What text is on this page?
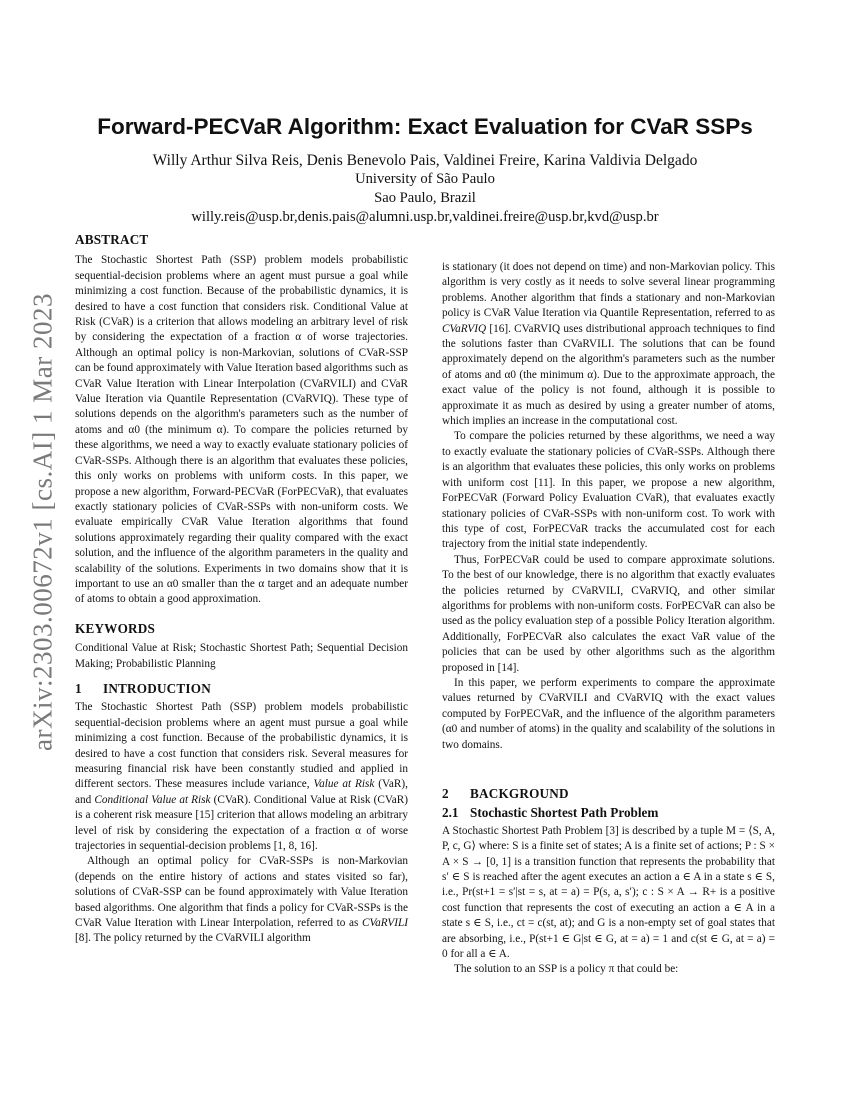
arXiv:2303.00672v1 [cs.AI] 1 Mar 2023
Forward-PECVaR Algorithm: Exact Evaluation for CVaR SSPs
Willy Arthur Silva Reis, Denis Benevolo Pais, Valdinei Freire, Karina Valdivia Delgado
University of São Paulo
Sao Paulo, Brazil
willy.reis@usp.br,denis.pais@alumni.usp.br,valdinei.freire@usp.br,kvd@usp.br
ABSTRACT

The Stochastic Shortest Path (SSP) problem models probabilistic sequential-decision problems where an agent must pursue a goal while minimizing a cost function. Because of the probabilistic dynamics, it is desired to have a cost function that considers risk. Conditional Value at Risk (CVaR) is a criterion that allows modeling an arbitrary level of risk by considering the expectation of a fraction α of worse trajectories. Although an optimal policy is non-Markovian, solutions of CVaR-SSP can be found approximately with Value Iteration based algorithms such as CVaR Value Iteration with Linear Interpolation (CVaRVILI) and CVaR Value Iteration via Quantile Representation (CVaRVIQ). These type of solutions depends on the algorithm's parameters such as the number of atoms and α0 (the minimum α). To compare the policies returned by these algorithms, we need a way to exactly evaluate stationary policies of CVaR-SSPs. Although there is an algorithm that evaluates these policies, this only works on problems with uniform costs. In this paper, we propose a new algorithm, Forward-PECVaR (ForPECVaR), that evaluates exactly stationary policies of CVaR-SSPs with non-uniform costs. We evaluate empirically CVaR Value Iteration algorithms that found solutions approximately regarding their quality compared with the exact solution, and the influence of the algorithm parameters in the quality and scalability of the solutions. Experiments in two domains show that it is important to use an α0 smaller than the α target and an adequate number of atoms to obtain a good approximation.

KEYWORDS

Conditional Value at Risk; Stochastic Shortest Path; Sequential Decision Making; Probabilistic Planning

1 INTRODUCTION

The Stochastic Shortest Path (SSP) problem models probabilistic sequential-decision problems where an agent must pursue a goal while minimizing a cost function. Because of the probabilistic dynamics, it is desired to have a cost function that considers risk. Several measures for measuring financial risk have been constantly studied and applied in different sectors. These measures include variance, Value at Risk (VaR), and Conditional Value at Risk (CVaR). Conditional Value at Risk (CVaR) is a coherent risk measure [15] criterion that allows modeling an arbitrary level of risk by considering the expectation of a fraction α of worse trajectories in sequential-decision problems [1, 8, 16].

Although an optimal policy for CVaR-SSPs is non-Markovian (depends on the entire history of actions and states visited so far), solutions of CVaR-SSP can be found approximately with Value Iteration based algorithms. One algorithm that finds a policy for CVaR-SSPs is the CVaR Value Iteration with Linear Interpolation, referred to as CVaRVILI [8]. The policy returned by the CVaRVILI algorithm

is stationary (it does not depend on time) and non-Markovian policy. This algorithm is very costly as it needs to solve several linear programming problems. Another algorithm that finds a stationary and non-Markovian policy is CVaR Value Iteration via Quantile Representation, referred to as CVaRVIQ [16]. CVaRVIQ uses distributional approach techniques to find the solutions faster than CVaRVILI. The solutions that can be found approximately depend on the algorithm's parameters such as the number of atoms and α0 (the minimum α). Due to the approximate approach, the exact value of the policy is not found, although it is possible to approximate it as much as desired by using a greater number of atoms, which implies an increase in the computational cost.

To compare the policies returned by these algorithms, we need a way to exactly evaluate the stationary policies of CVaR-SSPs. Although there is an algorithm that evaluates these policies, this only works on problems with uniform cost [11]. In this paper, we propose a new algorithm, ForPECVaR (Forward Policy Evaluation CVaR), that evaluates exactly stationary policies of CVaR-SSPs with non-uniform cost. To work with this type of cost, ForPECVaR tracks the accumulated cost for each trajectory from the initial state independently.

Thus, ForPECVaR could be used to compare approximate solutions. To the best of our knowledge, there is no algorithm that exactly evaluates the policies returned by CVaRVILI, CVaRVIQ, and other similar algorithms for problems with non-uniform costs. ForPECVaR can also be used as the policy evaluation step of a possible Policy Iteration algorithm. Additionally, ForPECVaR also calculates the exact VaR value of the policies that can be used by other algorithms such as the algorithm proposed in [14].

In this paper, we perform experiments to compare the approximate values returned by CVaRVILI and CVaRVIQ with the exact values computed by ForPECVaR, and the influence of the algorithm parameters (α0 and number of atoms) in the quality and scalability of the solutions in two domains.

2 BACKGROUND
2.1 Stochastic Shortest Path Problem

A Stochastic Shortest Path Problem [3] is described by a tuple M = ⟨S, A, P, c, G⟩ where: S is a finite set of states; A is a finite set of actions; P : S × A × S → [0, 1] is a transition function that represents the probability that s′ ∈ S is reached after the agent executes an action a ∈ A in a state s ∈ S, i.e., Pr(st+1 = s′|st = s, at = a) = P(s, a, s′); c : S × A → R+ is a positive cost function that represents the cost of executing an action a ∈ A in a state s ∈ S, i.e., ct = c(st, at); and G is a non-empty set of goal states that are absorbing, i.e., P(st+1 ∈ G|st ∈ G, at = a) = 1 and c(st ∈ G, at = a) = 0 for all a ∈ A.

The solution to an SSP is a policy π that could be:
